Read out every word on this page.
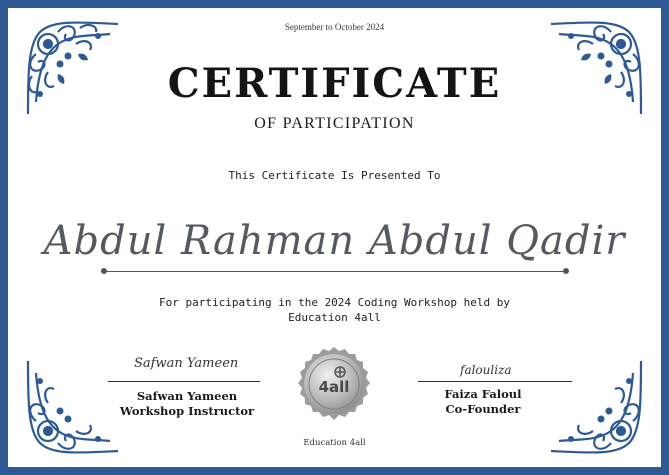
September to October 2024
CERTIFICATE
OF PARTICIPATION
This Certificate Is Presented To
Abdul Rahman Abdul Qadir
For participating in the 2024 Coding Workshop held by
Education 4all
Safwan Yameen
Safwan Yameen
Workshop Instructor
4all
Education 4all
falouliza
Faiza Faloul
Co-Founder
